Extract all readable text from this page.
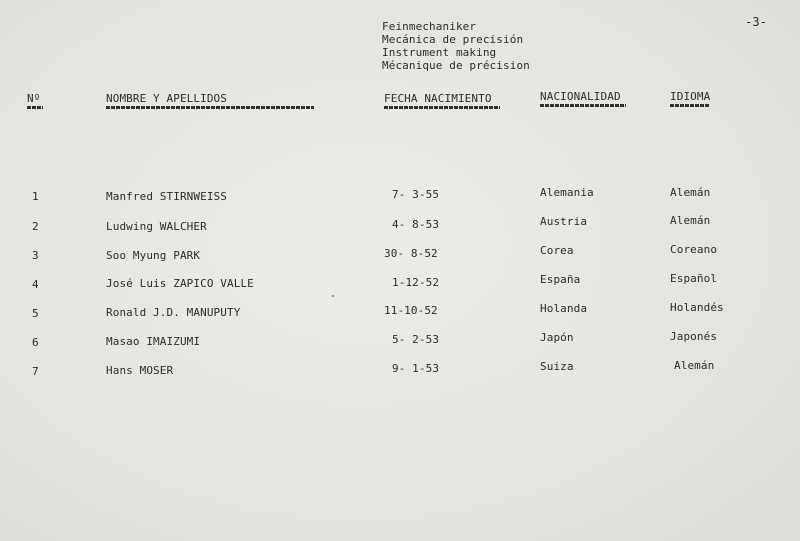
Feinmechaniker
Mecánica de precisión
Instrument making
Mécanique de précision
-3-
Nº	NOMBRE Y APELLIDOS	FECHA NACIMIENTO	NACIONALIDAD	IDIOMA
1	Manfred STIRNWEISS	7- 3-55	Alemania	Alemán
2	Ludwing WALCHER	4- 8-53	Austria	Alemán
3	Soo Myung PARK	30- 8-52	Corea	Coreano
4	José Luis ZAPICO VALLE	1-12-52	España	Español
5	Ronald J.D. MANUPUTY	11-10-52	Holanda	Holandés
6	Masao IMAIZUMI	5- 2-53	Japón	Japonés
7	Hans MOSER	9- 1-53	Suiza	Alemán
